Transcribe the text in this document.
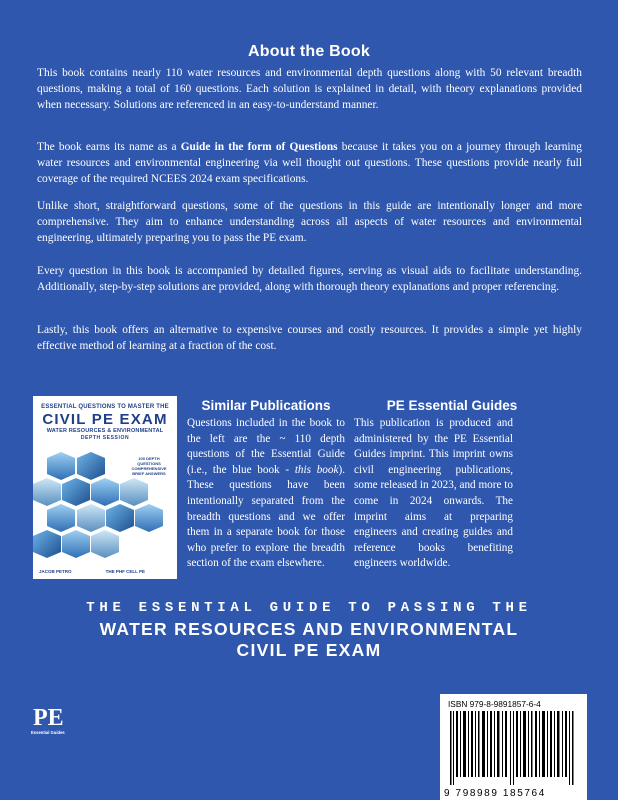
About the Book

This book contains nearly 110 water resources and environmental depth questions along with 50 relevant breadth questions, making a total of 160 questions. Each solution is explained in detail, with theory explanations provided when necessary. Solutions are referenced in an easy-to-understand manner.

The book earns its name as a Guide in the form of Questions because it takes you on a journey through learning water resources and environmental engineering via well thought out questions. These questions provide nearly full coverage of the required NCEES 2024 exam specifications.

Unlike short, straightforward questions, some of the questions in this guide are intentionally longer and more comprehensive. They aim to enhance understanding across all aspects of water resources and environmental engineering, ultimately preparing you to pass the PE exam.

Every question in this book is accompanied by detailed figures, serving as visual aids to facilitate understanding. Additionally, step-by-step solutions are provided, along with thorough theory explanations and proper referencing.

Lastly, this book offers an alternative to expensive courses and costly resources. It provides a simple yet highly effective method of learning at a fraction of the cost.

ESSENTIAL QUESTIONS TO MASTER THE
CIVIL PE EXAM
WATER RESOURCES & ENVIRONMENTAL
DEPTH SESSION
100 DEPTH QUESTIONS COMPREHENSIVE BRIEF ANSWERS
JACOB PETRO	THE PHF CELL PE
Similar Publications

Questions included in the book to the left are the ~ 110 depth questions of the Essential Guide (i.e., the blue book - this book). These questions have been intentionally separated from the breadth questions and we offer them in a separate book for those who prefer to explore the breadth section of the exam elsewhere.

PE Essential Guides

This publication is produced and administered by the PE Essential Guides imprint. This imprint owns civil engineering publications, some released in 2023, and more to come in 2024 onwards. The imprint aims at preparing engineers and creating guides and reference books benefiting engineers worldwide.

THE ESSENTIAL GUIDE TO PASSING THE
WATER RESOURCES AND ENVIRONMENTAL
CIVIL PE EXAM
PE
Essential Guides
ISBN 979-8-9891857-6-4
9 798989 185764
